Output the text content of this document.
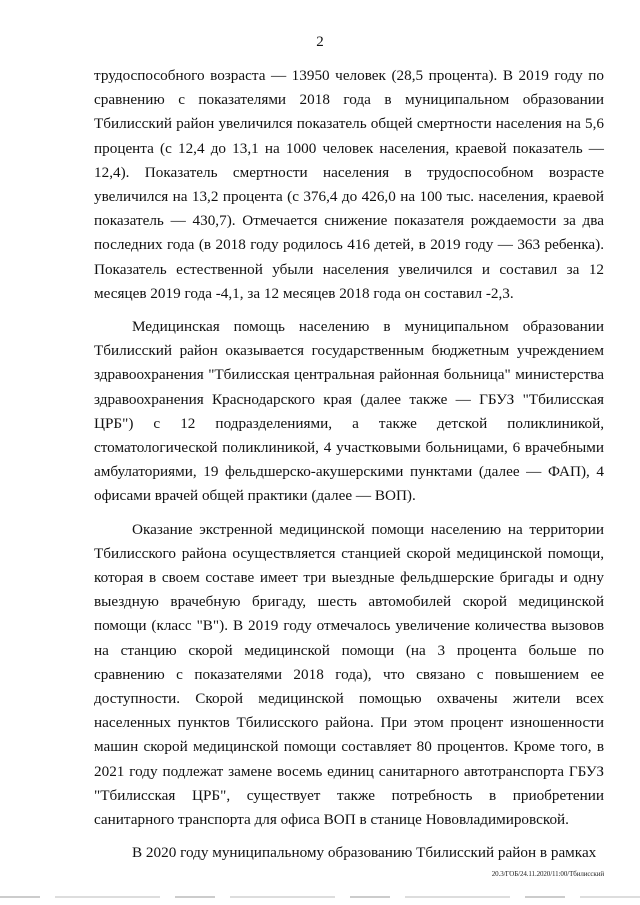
2

трудоспособного возраста — 13950 человек (28,5 процента). В 2019 году по сравнению с показателями 2018 года в муниципальном образовании Тбилисский район увеличился показатель общей смертности населения на 5,6 процента (с 12,4 до 13,1 на 1000 человек населения, краевой показатель — 12,4). Показатель смертности населения в трудоспособном возрасте увеличился на 13,2 процента (с 376,4 до 426,0 на 100 тыс. населения, краевой показатель — 430,7). Отмечается снижение показателя рождаемости за два последних года (в 2018 году родилось 416 детей, в 2019 году — 363 ребенка). Показатель естественной убыли населения увеличился и составил за 12 месяцев 2019 года -4,1, за 12 месяцев 2018 года он составил -2,3.

Медицинская помощь населению в муниципальном образовании Тбилисский район оказывается государственным бюджетным учреждением здравоохранения "Тбилисская центральная районная больница" министерства здравоохранения Краснодарского края (далее также — ГБУЗ "Тбилисская ЦРБ") с 12 подразделениями, а также детской поликлиникой, стоматологической поликлиникой, 4 участковыми больницами, 6 врачебными амбулаториями, 19 фельдшерско-акушерскими пунктами (далее — ФАП), 4 офисами врачей общей практики (далее — ВОП).

Оказание экстренной медицинской помощи населению на территории Тбилисского района осуществляется станцией скорой медицинской помощи, которая в своем составе имеет три выездные фельдшерские бригады и одну выездную врачебную бригаду, шесть автомобилей скорой медицинской помощи (класс "В"). В 2019 году отмечалось увеличение количества вызовов на станцию скорой медицинской помощи (на 3 процента больше по сравнению с показателями 2018 года), что связано с повышением ее доступности. Скорой медицинской помощью охвачены жители всех населенных пунктов Тбилисского района. При этом процент изношенности машин скорой медицинской помощи составляет 80 процентов. Кроме того, в 2021 году подлежат замене восемь единиц санитарного автотранспорта ГБУЗ "Тбилисская ЦРБ", существует также потребность в приобретении санитарного транспорта для офиса ВОП в станице Нововладимировской.

В 2020 году муниципальному образованию Тбилисский район в рамках

20.3/ГОБ/24.11.2020/11:00/Тбилисский
